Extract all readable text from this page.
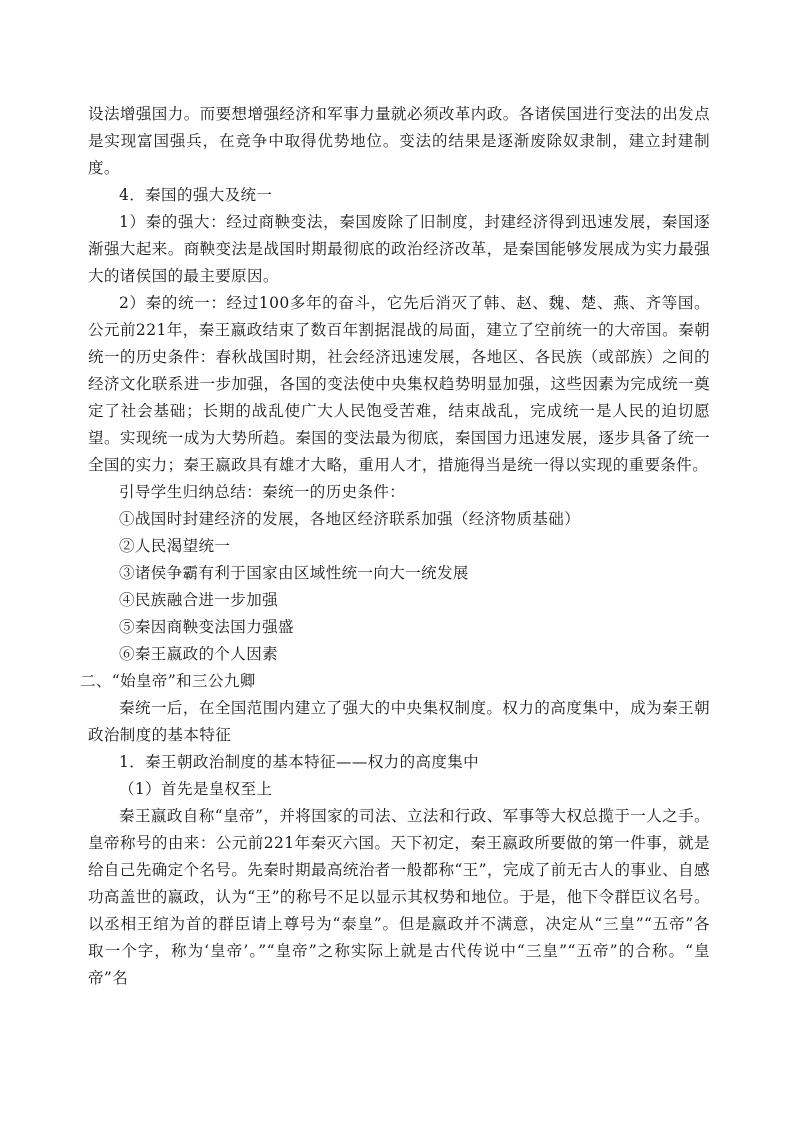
设法增强国力。而要想增强经济和军事力量就必须改革内政。各诸侯国进行变法的出发点是实现富国强兵，在竞争中取得优势地位。变法的结果是逐渐废除奴隶制，建立封建制度。

4．秦国的强大及统一

1）秦的强大：经过商鞅变法，秦国废除了旧制度，封建经济得到迅速发展，秦国逐渐强大起来。商鞅变法是战国时期最彻底的政治经济改革，是秦国能够发展成为实力最强大的诸侯国的最主要原因。

2）秦的统一：经过100多年的奋斗，它先后消灭了韩、赵、魏、楚、燕、齐等国。公元前221年，秦王嬴政结束了数百年割据混战的局面，建立了空前统一的大帝国。秦朝统一的历史条件：春秋战国时期，社会经济迅速发展，各地区、各民族（或部族）之间的经济文化联系进一步加强，各国的变法使中央集权趋势明显加强，这些因素为完成统一奠定了社会基础；长期的战乱使广大人民饱受苦难，结束战乱，完成统一是人民的迫切愿望。实现统一成为大势所趋。秦国的变法最为彻底，秦国国力迅速发展，逐步具备了统一全国的实力；秦王嬴政具有雄才大略，重用人才，措施得当是统一得以实现的重要条件。

引导学生归纳总结：秦统一的历史条件：

①战国时封建经济的发展，各地区经济联系加强（经济物质基础）

②人民渴望统一

③诸侯争霸有利于国家由区域性统一向大一统发展

④民族融合进一步加强

⑤秦因商鞅变法国力强盛

⑥秦王嬴政的个人因素

二、“始皇帝”和三公九卿

秦统一后，在全国范围内建立了强大的中央集权制度。权力的高度集中，成为秦王朝政治制度的基本特征

1．秦王朝政治制度的基本特征——权力的高度集中

（1）首先是皇权至上

秦王嬴政自称“皇帝”，并将国家的司法、立法和行政、军事等大权总揽于一人之手。皇帝称号的由来：公元前221年秦灭六国。天下初定，秦王嬴政所要做的第一件事，就是给自己先确定个名号。先秦时期最高统治者一般都称“王”，完成了前无古人的事业、自感功高盖世的嬴政，认为“王”的称号不足以显示其权势和地位。于是，他下令群臣议名号。以丞相王绾为首的群臣请上尊号为“泰皇”。但是嬴政并不满意，决定从“三皇”“五帝”各取一个字，称为‘皇帝’。”“皇帝”之称实际上就是古代传说中“三皇”“五帝”的合称。“皇帝”名
